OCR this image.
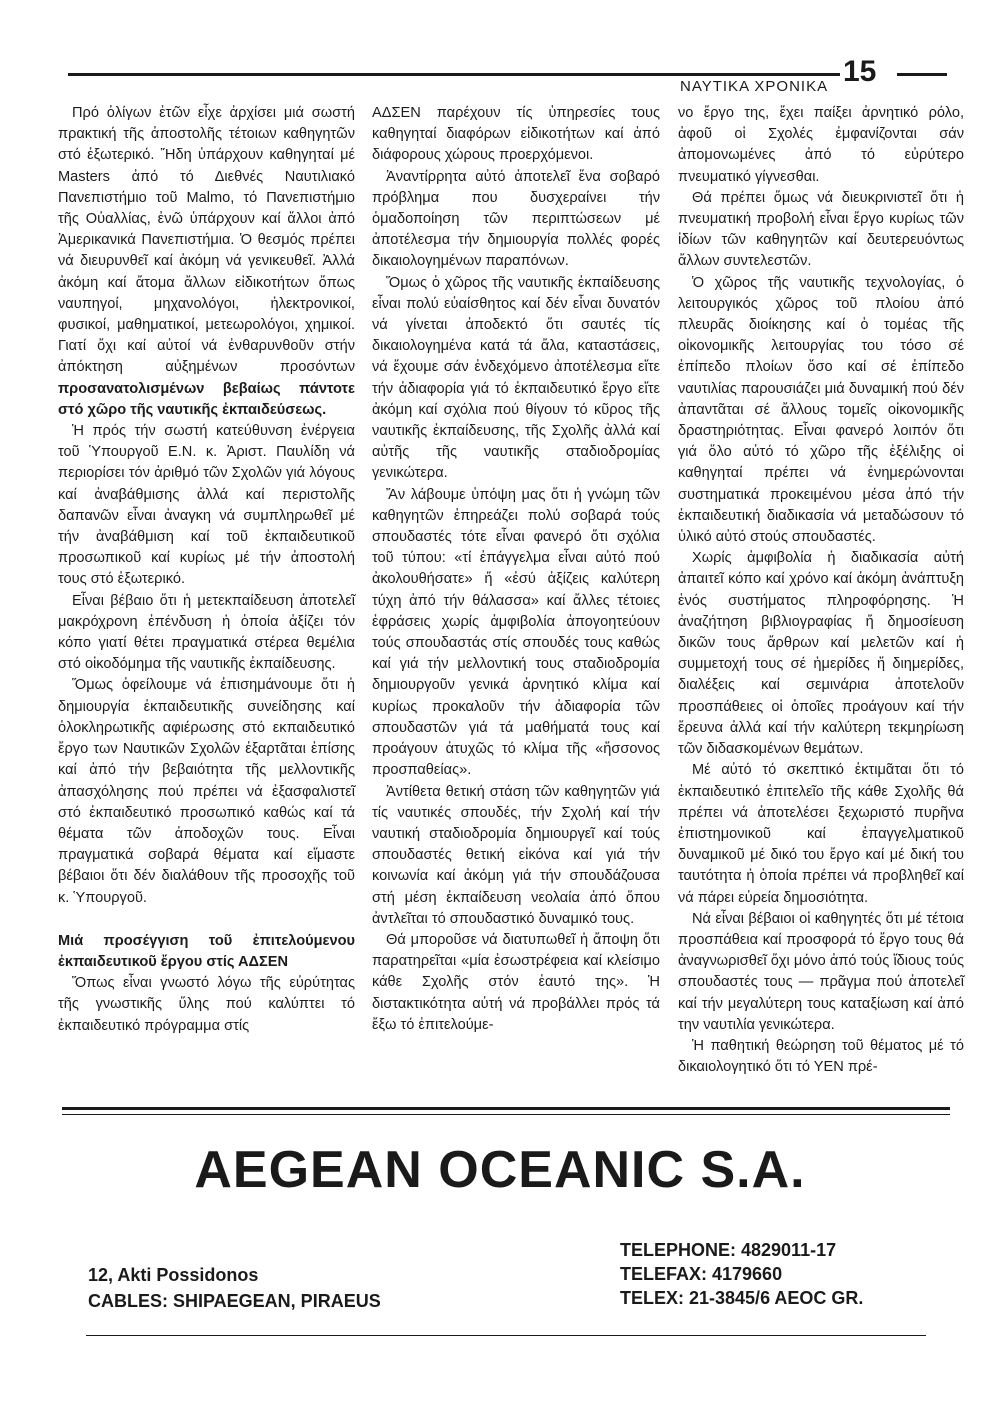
ΝΑΥΤΙΚΑ ΧΡΟΝΙΚΑ 15

Πρό ὀλίγων ἐτῶν εἶχε ἀρχίσει μιά σωστή πρακτική τῆς ἀποστολῆς τέτοιων καθηγητῶν στό ἐξωτερικό. Ἤδη ὑπάρχουν καθηγηταί μέ Masters ἀπό τό Διεθνές Ναυτιλιακό Πανεπιστήμιο τοῦ Malmo, τό Πανεπιστήμιο τῆς Οὐαλλίας, ἐνῶ ὑπάρχουν καί ἄλλοι ἀπό Ἀμερικανικά Πανεπιστήμια. Ὁ θεσμός πρέπει νά διευρυνθεῖ καί ἀκόμη νά γενικευθεῖ. Ἀλλά ἀκόμη καί ἄτομα ἄλλων εἰδικοτήτων ὅπως ναυπηγοί, μηχανολόγοι, ἠλεκτρονικοί, φυσικοί, μαθηματικοί, μετεωρολόγοι, χημικοί. Γιατί ὄχι καί αὐτοί νά ἐνθαρυνθοῦν στήν ἀπόκτηση αὐξημένων προσόντων προσανατολισμένων βεβαίως πάντοτε στό χῶρο τῆς ναυτικῆς ἐκπαιδεύσεως.

Ἡ πρός τήν σωστή κατεύθυνση ἐνέργεια τοῦ Ὑπουργοῦ Ε.Ν. κ. Ἀριστ. Παυλίδη νά περιορίσει τόν ἀριθμό τῶν Σχολῶν γιά λόγους καί ἀναβάθμισης ἀλλά καί περιστολῆς δαπανῶν εἶναι ἀναγκη νά συμπληρωθεῖ μέ τήν ἀναβάθμιση καί τοῦ ἐκπαιδευτικοῦ προσωπικοῦ καί κυρίως μέ τήν ἀποστολή τους στό ἐξωτερικό.

Εἶναι βέβαιο ὅτι ἡ μετεκπαίδευση ἀποτελεῖ μακρόχρονη ἐπένδυση ἡ ὁποία ἀξίζει τόν κόπο γιατί θέτει πραγματικά στέρεα θεμέλια στό οἰκοδόμημα τῆς ναυτικῆς ἐκπαίδευσης.

Ὅμως ὀφείλουμε νά ἐπισημάνουμε ὅτι ἡ δημιουργία ἐκπαιδευτικῆς συνείδησης καί ὁλοκληρωτικῆς αφιέρωσης στό εκπαιδευτικό ἔργο των Ναυτικῶν Σχολῶν ἐξαρτᾶται ἐπίσης καί ἀπό τήν βεβαιότητα τῆς μελλοντικῆς ἀπασχόλησης πού πρέπει νά ἐξασφαλιστεῖ στό ἐκπαιδευτικό προσωπικό καθώς καί τά θέματα τῶν ἀποδοχῶν τους. Εἶναι πραγματικά σοβαρά θέματα καί εἴμαστε βέβαιοι ὅτι δέν διαλάθουν τῆς προσοχῆς τοῦ κ. Ὑπουργοῦ.

Μιά προσέγγιση τοῦ ἐπιτελούμενου ἐκπαιδευτικοῦ ἔργου στίς ΑΔΣΕΝ

Ὅπως εἶναι γνωστό λόγω τῆς εὐρύτητας τῆς γνωστικῆς ὕλης πού καλύπτει τό ἐκπαιδευτικό πρόγραμμα στίς

ΑΔΣΕΝ παρέχουν τίς ὑπηρεσίες τους καθηγηταί διαφόρων εἰδικοτήτων καί ἀπό διάφορους χώρους προερχόμενοι.

Ἀναντίρρητα αὐτό ἀποτελεῖ ἕνα σοβαρό πρόβλημα που δυσχεραίνει τήν ὁμαδοποίηση τῶν περιπτώσεων μέ ἀποτέλεσμα τήν δημιουργία πολλές φορές δικαιολογημένων παραπόνων.

Ὅμως ὁ χῶρος τῆς ναυτικῆς ἐκπαίδευσης εἶναι πολύ εὐαίσθητος καί δέν εἶναι δυνατόν νά γίνεται ἀποδεκτό ὅτι σαυτές τίς δικαιολογημένα κατά τά ἄλα, καταστάσεις, νά ἔχουμε σάν ἐνδεχόμενο ἀποτέλεσμα εἴτε τήν ἀδιαφορία γιά τό ἐκπαιδευτικό ἔργο εἴτε ἀκόμη καί σχόλια πού θίγουν τό κῦρος τῆς ναυτικῆς ἐκπαίδευσης, τῆς Σχολῆς ἀλλά καί αὐτῆς τῆς ναυτικῆς σταδιοδρομίας γενικώτερα.

Ἄν λάβουμε ὑπόψη μας ὅτι ἡ γνώμη τῶν καθηγητῶν ἐπηρεάζει πολύ σοβαρά τούς σπουδαστές τότε εἶναι φανερό ὅτι σχόλια τοῦ τύπου: «τί ἐπάγγελμα εἶναι αὐτό πού ἀκολουθήσατε» ἤ «ἐσύ ἀξίζεις καλύτερη τύχη ἀπό τήν θάλασσα» καί ἄλλες τέτοιες ἐφράσεις χωρίς ἀμφιβολία ἀπογοητεύουν τούς σπουδαστάς στίς σπουδές τους καθώς καί γιά τήν μελλοντική τους σταδιοδρομία δημιουργοῦν γενικά ἀρνητικό κλίμα καί κυρίως προκαλοῦν τήν ἀδιαφορία τῶν σπουδαστῶν γιά τά μαθήματά τους καί προάγουν ἀτυχῶς τό κλίμα τῆς «ἥσσονος προσπαθείας».

Ἀντίθετα θετική στάση τῶν καθηγητῶν γιά τίς ναυτικές σπουδές, τήν Σχολή καί τήν ναυτική σταδιοδρομία δημιουργεῖ καί τούς σπουδαστές θετική εἰκόνα καί γιά τήν κοινωνία καί ἀκόμη γιά τήν σπουδάζουσα στή μέση ἐκπαίδευση νεολαία ἀπό ὅπου ἀντλεῖται τό σπουδαστικό δυναμικό τους.

Θά μποροῦσε νά διατυπωθεῖ ἡ ἄποψη ὅτι παρατηρεῖται «μία ἐσωστρέφεια καί κλείσιμο κάθε Σχολῆς στόν ἑαυτό της». Ἡ διστακτικότητα αὐτή νά προβάλλει πρός τά ἔξω τό ἐπιτελούμε-

νο ἔργο της, ἔχει παίξει ἀρνητικό ρόλο, ἀφοῦ οἱ Σχολές ἐμφανίζονται σάν ἀπομονωμένες ἀπό τό εὐρύτερο πνευματικό γίγνεσθαι.

Θά πρέπει ὅμως νά διευκρινιστεῖ ὅτι ἡ πνευματική προβολή εἶναι ἔργο κυρίως τῶν ἰδίων τῶν καθηγητῶν καί δευτερευόντως ἄλλων συντελεστῶν.

Ὁ χῶρος τῆς ναυτικῆς τεχνολογίας, ὁ λειτουργικός χῶρος τοῦ πλοίου ἀπό πλευρᾶς διοίκησης καί ὁ τομέας τῆς οἰκονομικῆς λειτουργίας του τόσο σέ ἐπίπεδο πλοίων ὅσο καί σέ ἐπίπεδο ναυτιλίας παρουσιάζει μιά δυναμική πού δέν ἀπαντᾶται σέ ἄλλους τομεῖς οἰκονομικῆς δραστηριότητας. Εἶναι φανερό λοιπόν ὅτι γιά ὅλο αὐτό τό χῶρο τῆς ἐξέλιξης οἱ καθηγηταί πρέπει νά ἐνημερώνονται συστηματικά προκειμένου μέσα ἀπό τήν ἐκπαιδευτική διαδικασία νά μεταδώσουν τό ὑλικό αὐτό στούς σπουδαστές.

Χωρίς ἀμφιβολία ἡ διαδικασία αὐτή ἀπαιτεῖ κόπο καί χρόνο καί ἀκόμη ἀνάπτυξη ἑνός συστήματος πληροφόρησης. Ἡ ἀναζήτηση βιβλιογραφίας ἤ δημοσίευση δικῶν τους ἄρθρων καί μελετῶν καί ἡ συμμετοχή τους σέ ἡμερίδες ἤ διημερίδες, διαλέξεις καί σεμινάρια ἀποτελοῦν προσπάθειες οἱ ὁποῖες προάγουν καί τήν ἔρευνα ἀλλά καί τήν καλύτερη τεκμηρίωση τῶν διδασκομένων θεμάτων.

Μέ αὐτό τό σκεπτικό ἐκτιμᾶται ὅτι τό ἐκπαιδευτικό ἐπιτελεῖο τῆς κάθε Σχολῆς θά πρέπει νά ἀποτελέσει ξεχωριστό πυρῆνα ἐπιστημονικοῦ καί ἐπαγγελματικοῦ δυναμικοῦ μέ δικό του ἔργο καί μέ δική του ταυτότητα ἡ ὁποία πρέπει νά προβληθεῖ καί νά πάρει εὐρεία δημοσιότητα.

Νά εἶναι βέβαιοι οἱ καθηγητές ὅτι μέ τέτοια προσπάθεια καί προσφορά τό ἔργο τους θά ἀναγνωρισθεῖ ὄχι μόνο ἀπό τούς ἴδιους τούς σπουδαστές τους — πρᾶγμα πού ἀποτελεῖ καί τήν μεγαλύτερη τους καταξίωση καί ἀπό την ναυτιλία γενικώτερα.

Ἡ παθητική θεώρηση τοῦ θέματος μέ τό δικαιολογητικό ὅτι τό ΥΕΝ πρέ-

AEGEAN OCEANIC S.A.
12, Akti Possidonos
CABLES: SHIPAEGEAN, PIRAEUS
TELEPHONE: 4829011-17
TELEFAX: 4179660
TELEX: 21-3845/6 AEOC GR.
